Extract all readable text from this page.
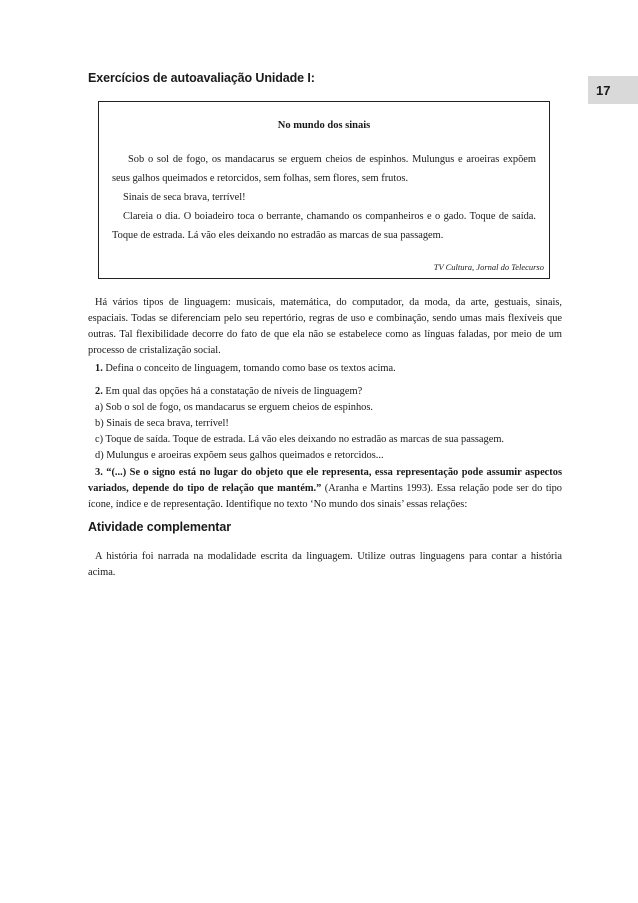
17
Exercícios de autoavaliação Unidade I:
No mundo dos sinais

Sob o sol de fogo, os mandacarus se erguem cheios de espinhos. Mulungus e aroeiras expõem seus galhos queimados e retorcidos, sem folhas, sem flores, sem frutos.

Sinais de seca brava, terrível!

Clareia o dia. O boiadeiro toca o berrante, chamando os companheiros e o gado. Toque de saída. Toque de estrada. Lá vão eles deixando no estradão as marcas de sua passagem.

TV Cultura, Jornal do Telecurso

Há vários tipos de linguagem: musicais, matemática, do computador, da moda, da arte, gestuais, sinais, espaciais. Todas se diferenciam pelo seu repertório, regras de uso e combinação, sendo umas mais flexíveis que outras. Tal flexibilidade decorre do fato de que ela não se estabelece como as línguas faladas, por meio de um processo de cristalização social.

1. Defina o conceito de linguagem, tomando como base os textos acima.

2. Em qual das opções há a constatação de níveis de linguagem?

a) Sob o sol de fogo, os mandacarus se erguem cheios de espinhos.

b) Sinais de seca brava, terrível!

c) Toque de saída. Toque de estrada. Lá vão eles deixando no estradão as marcas de sua passagem.

d) Mulungus e aroeiras expõem seus galhos queimados e retorcidos...

3. “(...) Se o signo está no lugar do objeto que ele representa, essa representação pode assumir aspectos variados, depende do tipo de relação que mantém.” (Aranha e Martins 1993). Essa relação pode ser do tipo ícone, índice e de representação. Identifique no texto ‘No mundo dos sinais’ essas relações:

Atividade complementar

A história foi narrada na modalidade escrita da linguagem. Utilize outras linguagens para contar a história acima.
